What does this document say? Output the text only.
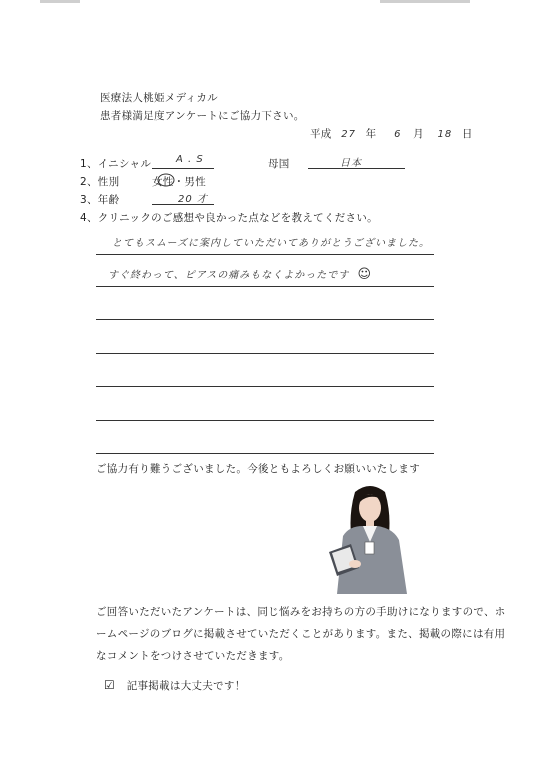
医療法人桃姫メディカル
患者様満足度アンケートにご協力下さい。
平成 27 年 6 月 18 日
1、イニシャル A . S	母国	日本
2、性別	女性・男性
3、年齢	20 才
4、クリニックのご感想や良かった点などを教えてください。
とてもスムーズに案内していただいてありがとうございました。
すぐ終わって、ピアスの痛みもなくよかったです ☺
ご協力有り難うございました。今後ともよろしくお願いいたします
ご回答いただいたアンケートは、同じ悩みをお持ちの方の手助けになりますので、ホ
ームページのブログに掲載させていただくことがあります。また、掲載の際には有用
なコメントをつけさせていただきます。
☑ 記事掲載は大丈夫です！
